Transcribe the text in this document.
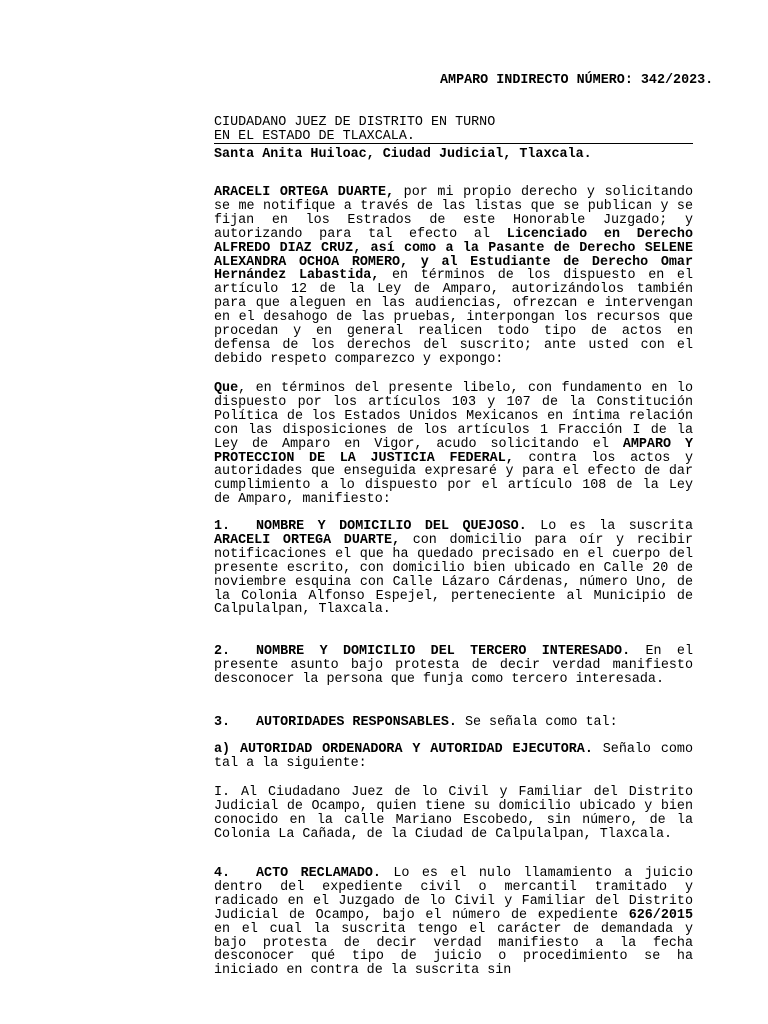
AMPARO INDIRECTO NÚMERO: 342/2023.
CIUDADANO JUEZ DE DISTRITO EN TURNO
EN EL ESTADO DE TLAXCALA.
Santa Anita Huiloac, Ciudad Judicial, Tlaxcala.
ARACELI ORTEGA DUARTE, por mi propio derecho y solicitando se me notifique a través de las listas que se publican y se fijan en los Estrados de este Honorable Juzgado; y autorizando para tal efecto al Licenciado en Derecho ALFREDO DIAZ CRUZ, así como a la Pasante de Derecho SELENE ALEXANDRA OCHOA ROMERO, y al Estudiante de Derecho Omar Hernández Labastida, en términos de los dispuesto en el artículo 12 de la Ley de Amparo, autorizándolos también para que aleguen en las audiencias, ofrezcan e intervengan en el desahogo de las pruebas, interpongan los recursos que procedan y en general realicen todo tipo de actos en defensa de los derechos del suscrito; ante usted con el debido respeto comparezco y expongo:
Que, en términos del presente libelo, con fundamento en lo dispuesto por los artículos 103 y 107 de la Constitución Política de los Estados Unidos Mexicanos en íntima relación con las disposiciones de los artículos 1 Fracción I de la Ley de Amparo en Vigor, acudo solicitando el AMPARO Y PROTECCION DE LA JUSTICIA FEDERAL, contra los actos y autoridades que enseguida expresaré y para el efecto de dar cumplimiento a lo dispuesto por el artículo 108 de la Ley de Amparo, manifiesto:
1. NOMBRE Y DOMICILIO DEL QUEJOSO. Lo es la suscrita ARACELI ORTEGA DUARTE, con domicilio para oír y recibir notificaciones el que ha quedado precisado en el cuerpo del presente escrito, con domicilio bien ubicado en Calle 20 de noviembre esquina con Calle Lázaro Cárdenas, número Uno, de la Colonia Alfonso Espejel, perteneciente al Municipio de Calpulalpan, Tlaxcala.
2. NOMBRE Y DOMICILIO DEL TERCERO INTERESADO. En el presente asunto bajo protesta de decir verdad manifiesto desconocer la persona que funja como tercero interesada.
3. AUTORIDADES RESPONSABLES. Se señala como tal:
a) AUTORIDAD ORDENADORA Y AUTORIDAD EJECUTORA. Señalo como tal a la siguiente:
I. Al Ciudadano Juez de lo Civil y Familiar del Distrito Judicial de Ocampo, quien tiene su domicilio ubicado y bien conocido en la calle Mariano Escobedo, sin número, de la Colonia La Cañada, de la Ciudad de Calpulalpan, Tlaxcala.
4. ACTO RECLAMADO. Lo es el nulo llamamiento a juicio dentro del expediente civil o mercantil tramitado y radicado en el Juzgado de lo Civil y Familiar del Distrito Judicial de Ocampo, bajo el número de expediente 626/2015 en el cual la suscrita tengo el carácter de demandada y bajo protesta de decir verdad manifiesto a la fecha desconocer qué tipo de juicio o procedimiento se ha iniciado en contra de la suscrita sin
